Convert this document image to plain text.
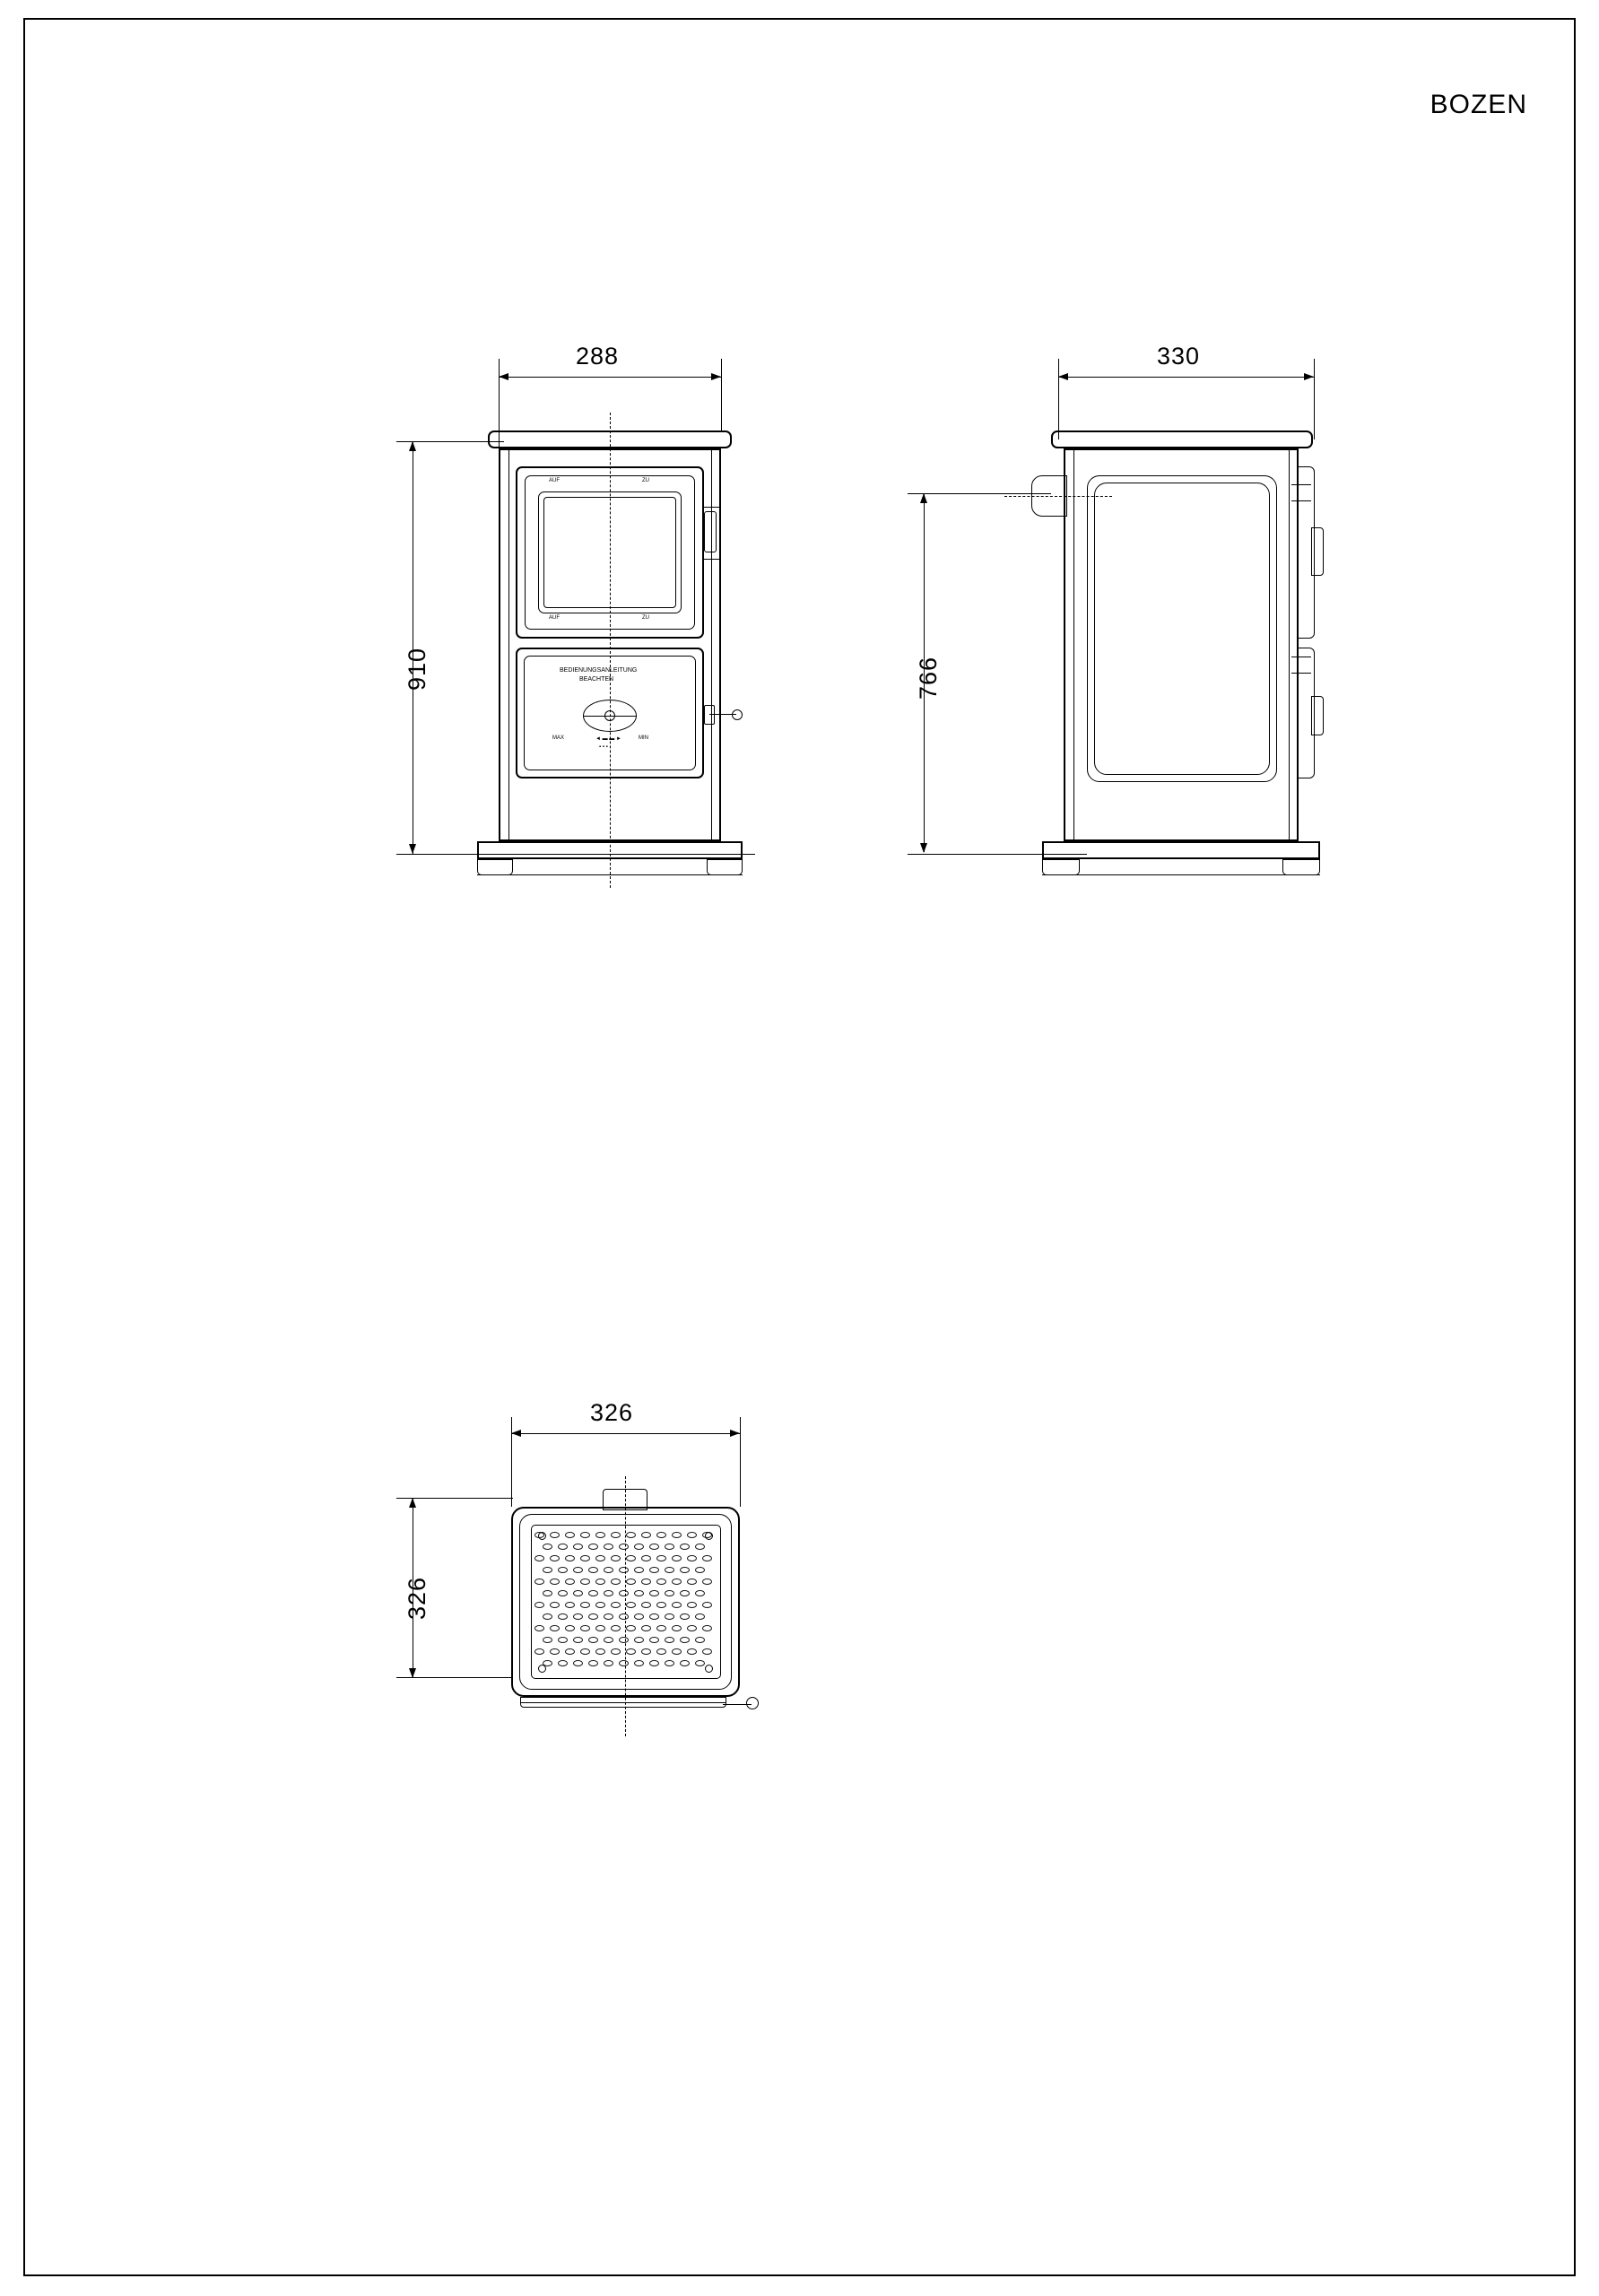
BOZEN
288
910
AUF	ZU
AUF	ZU
BEDIENUNGSANLEITUNG
BEACHTEN
MAX	MIN
◄ ▬ ▬ ►
▪ ▪ ▪
330
766
326
326
